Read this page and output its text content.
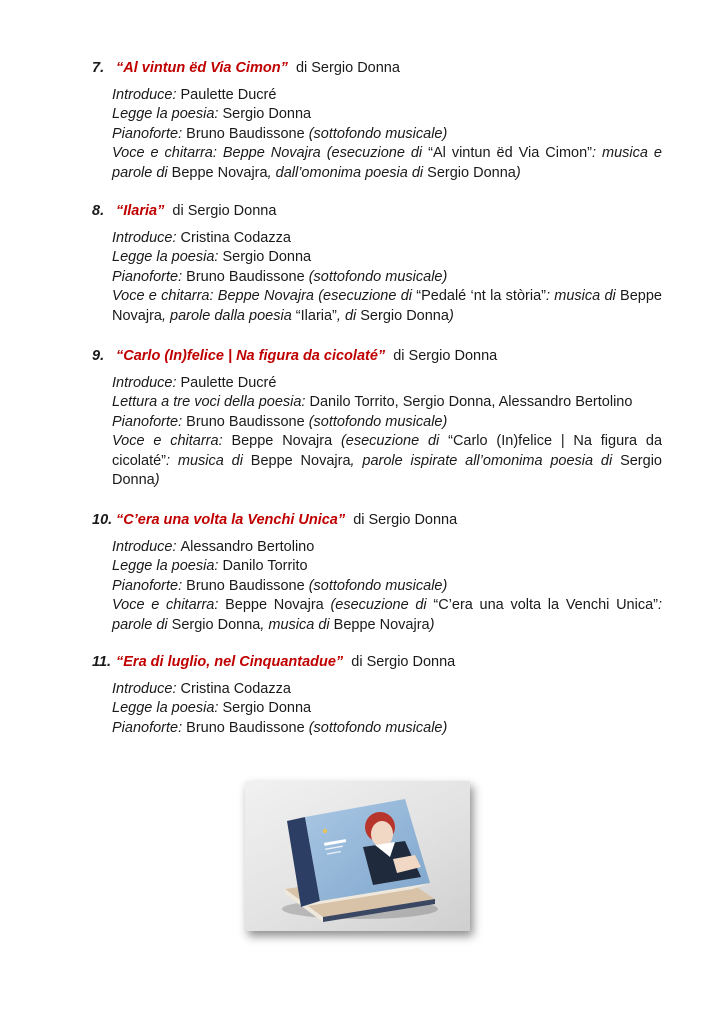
7. “Al vintun ëd Via Cimon” di Sergio Donna

Introduce: Paulette Ducré

Legge la poesia: Sergio Donna

Pianoforte: Bruno Baudissone (sottofondo musicale)

Voce e chitarra: Beppe Novajra (esecuzione di “Al vintun ëd Via Cimon”: musica e parole di Beppe Novajra, dall’omonima poesia di Sergio Donna)

8. “Ilaria” di Sergio Donna

Introduce: Cristina Codazza

Legge la poesia: Sergio Donna

Pianoforte: Bruno Baudissone (sottofondo musicale)

Voce e chitarra: Beppe Novajra (esecuzione di “Pedalé ‘nt la stòria”: musica di Beppe Novajra, parole dalla poesia “Ilaria”, di Sergio Donna)

9. “Carlo (In)felice | Na figura da cicolaté” di Sergio Donna

Introduce: Paulette Ducré

Lettura a tre voci della poesia: Danilo Torrito, Sergio Donna, Alessandro Bertolino

Pianoforte: Bruno Baudissone (sottofondo musicale)

Voce e chitarra: Beppe Novajra (esecuzione di “Carlo (In)felice | Na figura da cicolaté”: musica di Beppe Novajra, parole ispirate all’omonima poesia di Sergio Donna)

10. “C’era una volta la Venchi Unica” di Sergio Donna

Introduce: Alessandro Bertolino

Legge la poesia: Danilo Torrito

Pianoforte: Bruno Baudissone (sottofondo musicale)

Voce e chitarra: Beppe Novajra (esecuzione di “C’era una volta la Venchi Unica”: parole di Sergio Donna, musica di Beppe Novajra)

11. “Era di luglio, nel Cinquantadue” di Sergio Donna

Introduce: Cristina Codazza

Legge la poesia: Sergio Donna

Pianoforte: Bruno Baudissone (sottofondo musicale)
